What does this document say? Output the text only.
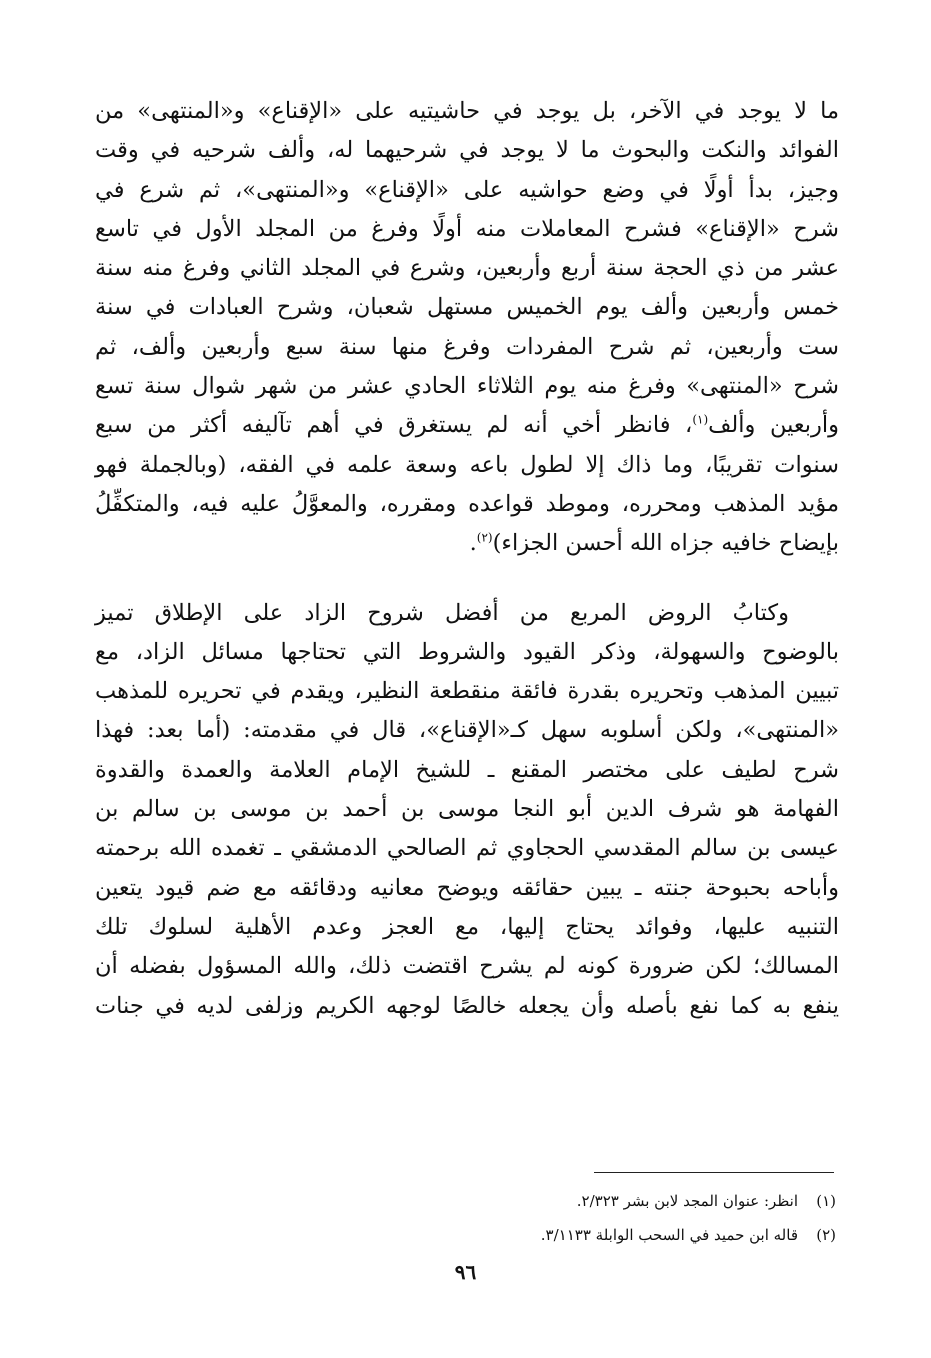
ما لا يوجد في الآخر، بل يوجد في حاشيتيه على «الإقناع» و«المنتهى» من
الفوائد والنكت والبحوث ما لا يوجد في شرحيهما له، وألف شرحيه في وقت
وجيز، بدأ أولًا في وضع حواشيه على «الإقناع» و«المنتهى»، ثم شرع في
شرح «الإقناع» فشرح المعاملات منه أولًا وفرغ من المجلد الأول في تاسع
عشر من ذي الحجة سنة أربع وأربعين، وشرع في المجلد الثاني وفرغ منه سنة
خمس وأربعين وألف يوم الخميس مستهل شعبان، وشرح العبادات في سنة
ست وأربعين، ثم شرح المفردات وفرغ منها سنة سبع وأربعين وألف، ثم
شرح «المنتهى» وفرغ منه يوم الثلاثاء الحادي عشر من شهر شوال سنة تسع
وأربعين وألف$^{(١)}$، فانظر أخي أنه لم يستغرق في أهم تآليفه أكثر من سبع
سنوات تقريبًا، وما ذاك إلا لطول باعه وسعة علمه في الفقه، (وبالجملة فهو
مؤيد المذهب ومحرره، وموطد قواعده ومقرره، والمعوَّلُ عليه فيه، والمتكفِّلُ
بإيضاح خافيه جزاه الله أحسن الجزاء)$^{(٢)}$.

وكتابُ الروض المربع من أفضل شروح الزاد على الإطلاق تميز
بالوضوح والسهولة، وذكر القيود والشروط التي تحتاجها مسائل الزاد، مع
تبيين المذهب وتحريره بقدرة فائقة منقطعة النظير، ويقدم في تحريره للمذهب
«المنتهى»، ولكن أسلوبه سهل كـ«الإقناع»، قال في مقدمته: (أما بعد: فهذا
شرح لطيف على مختصر المقنع ـ للشيخ الإمام العلامة والعمدة والقدوة
الفهامة هو شرف الدين أبو النجا موسى بن أحمد بن موسى بن سالم بن
عيسى بن سالم المقدسي الحجاوي ثم الصالحي الدمشقي ـ تغمده الله برحمته
وأباحه بحبوحة جنته ـ يبين حقائقه ويوضح معانيه ودقائقه مع ضم قيود يتعين
التنبيه عليها، وفوائد يحتاج إليها، مع العجز وعدم الأهلية لسلوك تلك
المسالك؛ لكن ضرورة كونه لم يشرح اقتضت ذلك، والله المسؤول بفضله أن
ينفع به كما نفع بأصله وأن يجعله خالصًا لوجهه الكريم وزلفى لديه في جنات

(١)انظر: عنوان المجد لابن بشر ٢/٣٢٣.
(٢)قاله ابن حميد في السحب الوابلة ٣/١١٣٣.
٩٦
